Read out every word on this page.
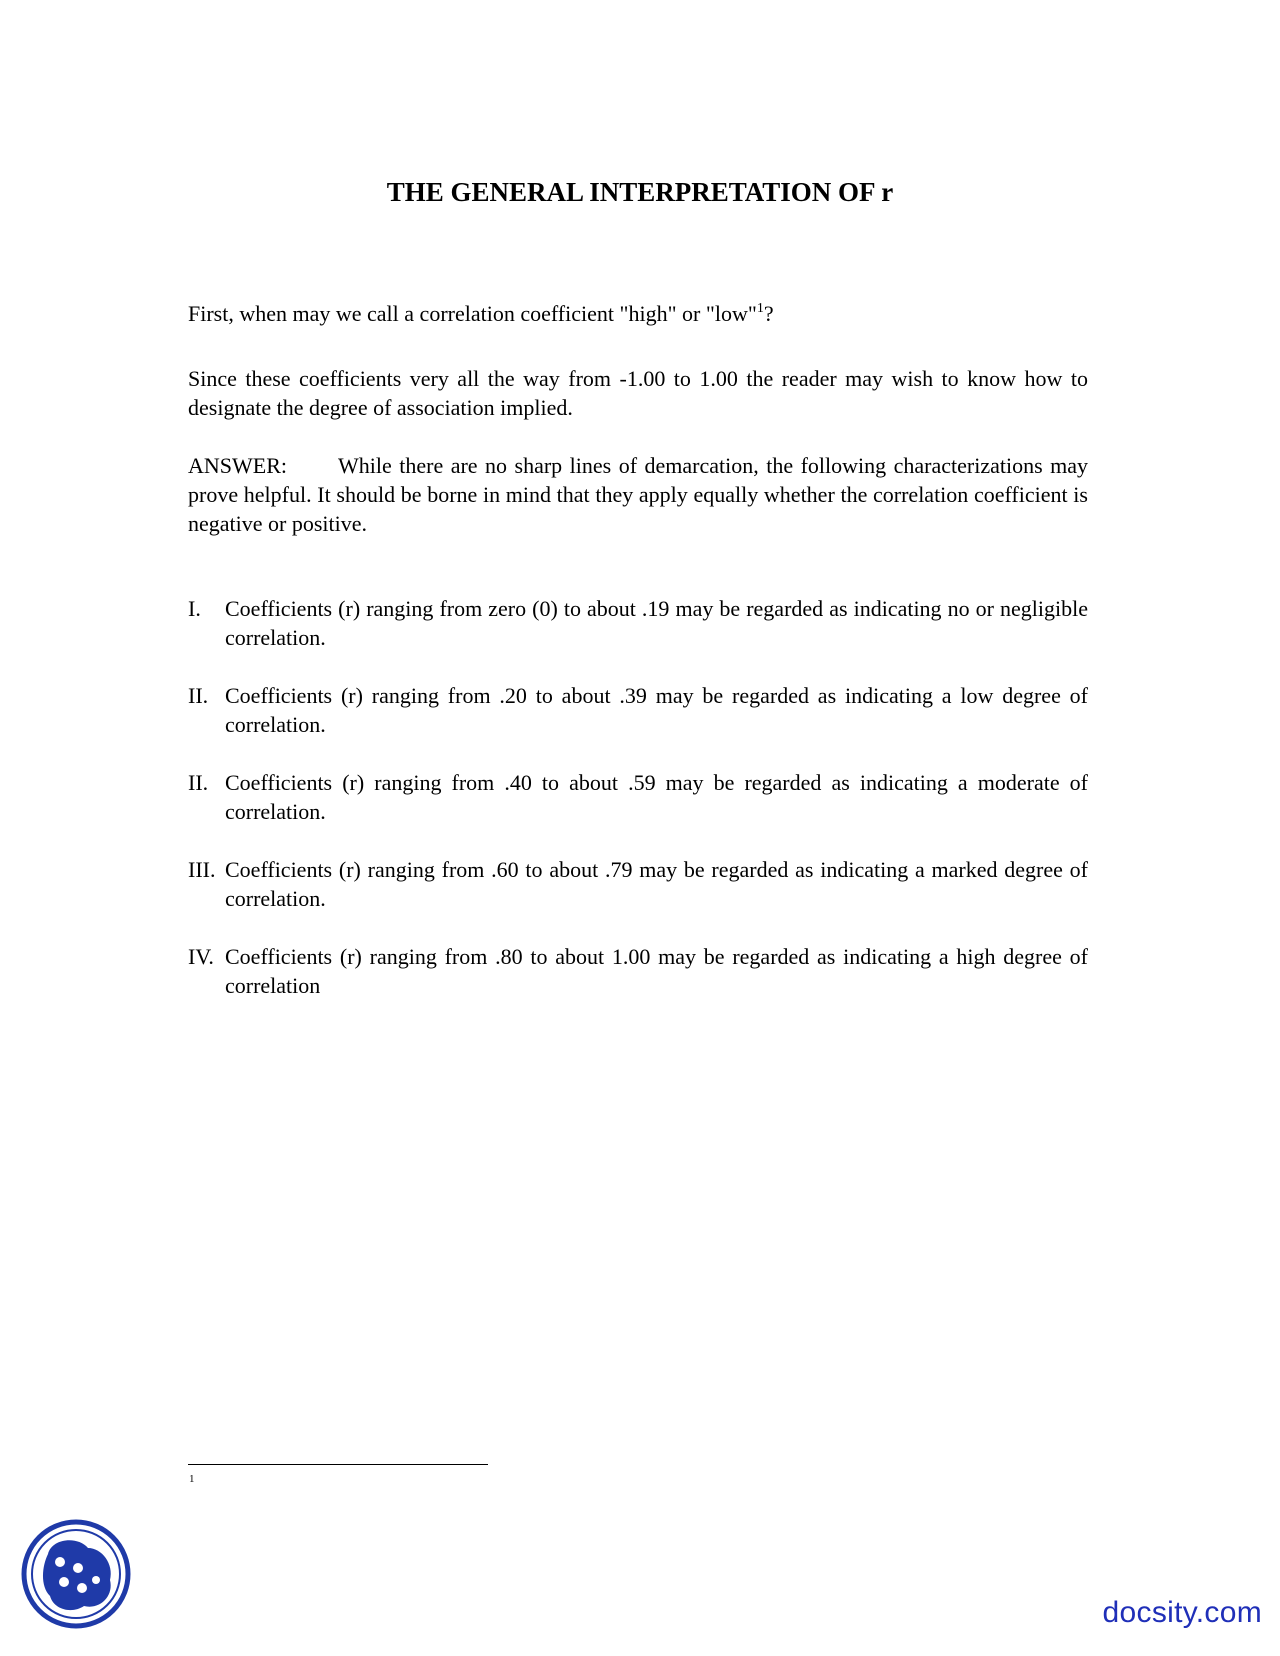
THE GENERAL INTERPRETATION OF r
First, when may we call a correlation coefficient "high" or "low"$^1$?
Since these coefficients very all the way from -1.00 to 1.00 the reader may wish to know how to designate the degree of association implied.
ANSWER: While there are no sharp lines of demarcation, the following characterizations may prove helpful. It should be borne in mind that they apply equally whether the correlation coefficient is negative or positive.
I. Coefficients (r) ranging from zero (0) to about .19 may be regarded as indicating no or negligible correlation.
II. Coefficients (r) ranging from .20 to about .39 may be regarded as indicating a low degree of correlation.
II. Coefficients (r) ranging from .40 to about .59 may be regarded as indicating a moderate of correlation.
III. Coefficients (r) ranging from .60 to about .79 may be regarded as indicating a marked degree of correlation.
IV. Coefficients (r) ranging from .80 to about 1.00 may be regarded as indicating a high degree of correlation
1
docsity.com
